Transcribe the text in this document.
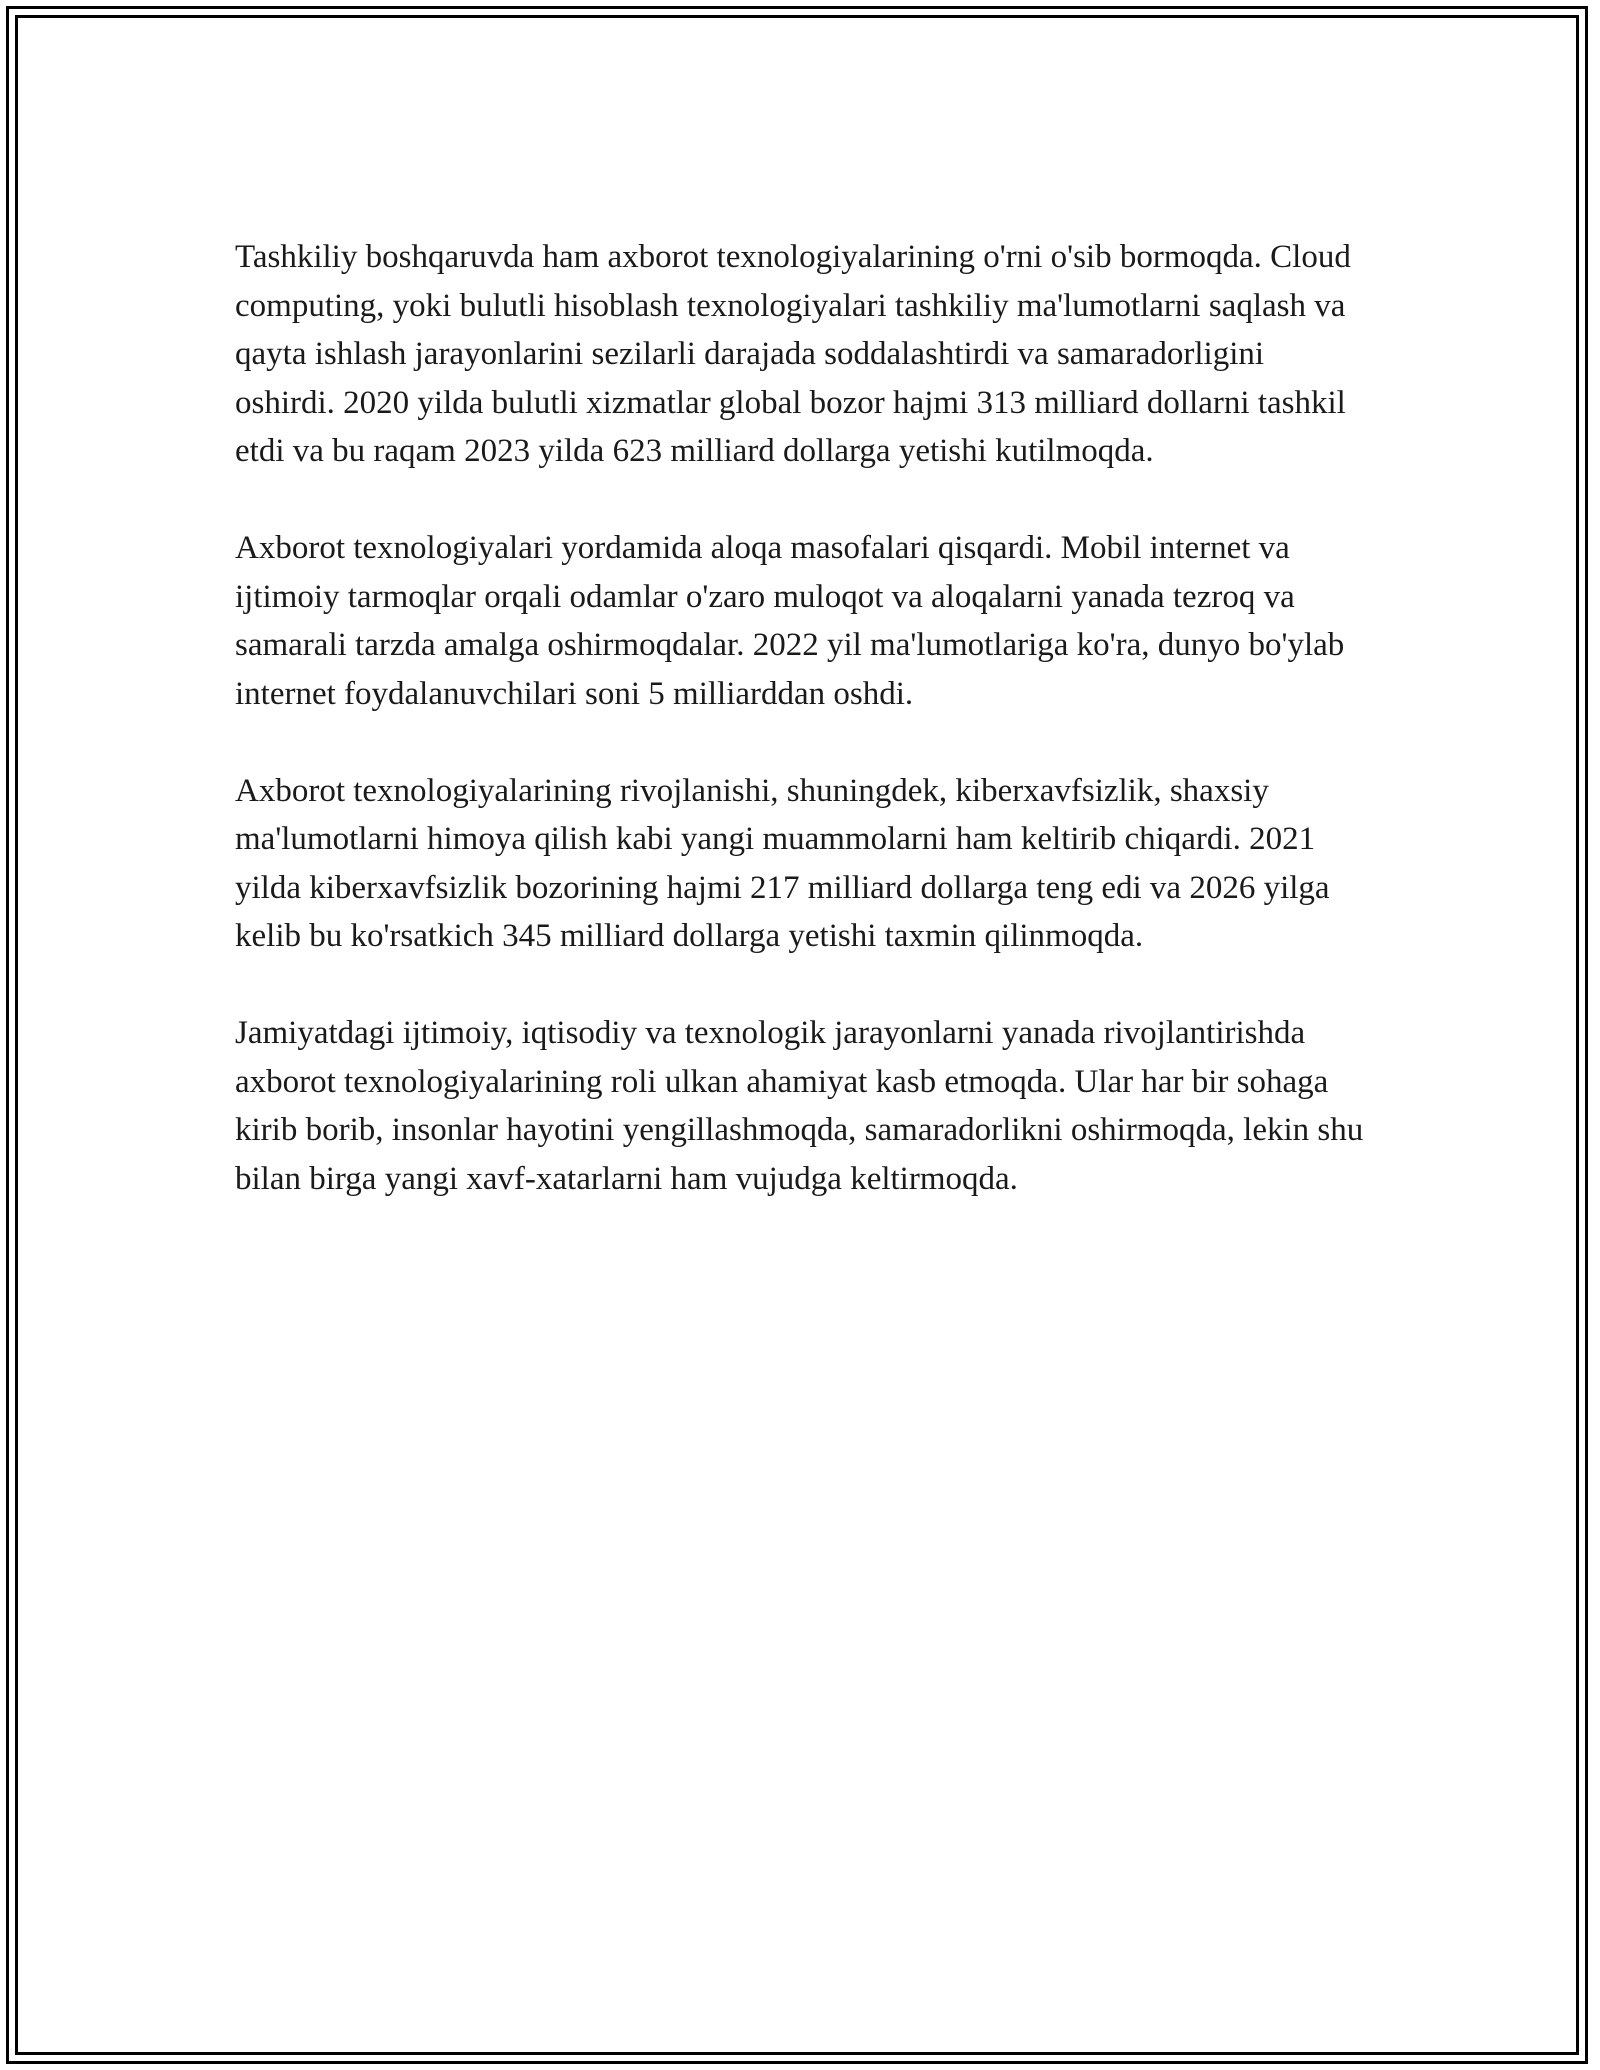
Tashkiliy boshqaruvda ham axborot texnologiyalarining o'rni o'sib bormoqda. Cloud computing, yoki bulutli hisoblash texnologiyalari tashkiliy ma'lumotlarni saqlash va qayta ishlash jarayonlarini sezilarli darajada soddalashtirdi va samaradorligini oshirdi. 2020 yilda bulutli xizmatlar global bozor hajmi 313 milliard dollarni tashkil etdi va bu raqam 2023 yilda 623 milliard dollarga yetishi kutilmoqda.

Axborot texnologiyalari yordamida aloqa masofalari qisqardi. Mobil internet va ijtimoiy tarmoqlar orqali odamlar o'zaro muloqot va aloqalarni yanada tezroq va samarali tarzda amalga oshirmoqdalar. 2022 yil ma'lumotlariga ko'ra, dunyo bo'ylab internet foydalanuvchilari soni 5 milliarddan oshdi.

Axborot texnologiyalarining rivojlanishi, shuningdek, kiberxavfsizlik, shaxsiy ma'lumotlarni himoya qilish kabi yangi muammolarni ham keltirib chiqardi. 2021 yilda kiberxavfsizlik bozorining hajmi 217 milliard dollarga teng edi va 2026 yilga kelib bu ko'rsatkich 345 milliard dollarga yetishi taxmin qilinmoqda.

Jamiyatdagi ijtimoiy, iqtisodiy va texnologik jarayonlarni yanada rivojlantirishda axborot texnologiyalarining roli ulkan ahamiyat kasb etmoqda. Ular har bir sohaga kirib borib, insonlar hayotini yengillashmoqda, samaradorlikni oshirmoqda, lekin shu bilan birga yangi xavf-xatarlarni ham vujudga keltirmoqda.
